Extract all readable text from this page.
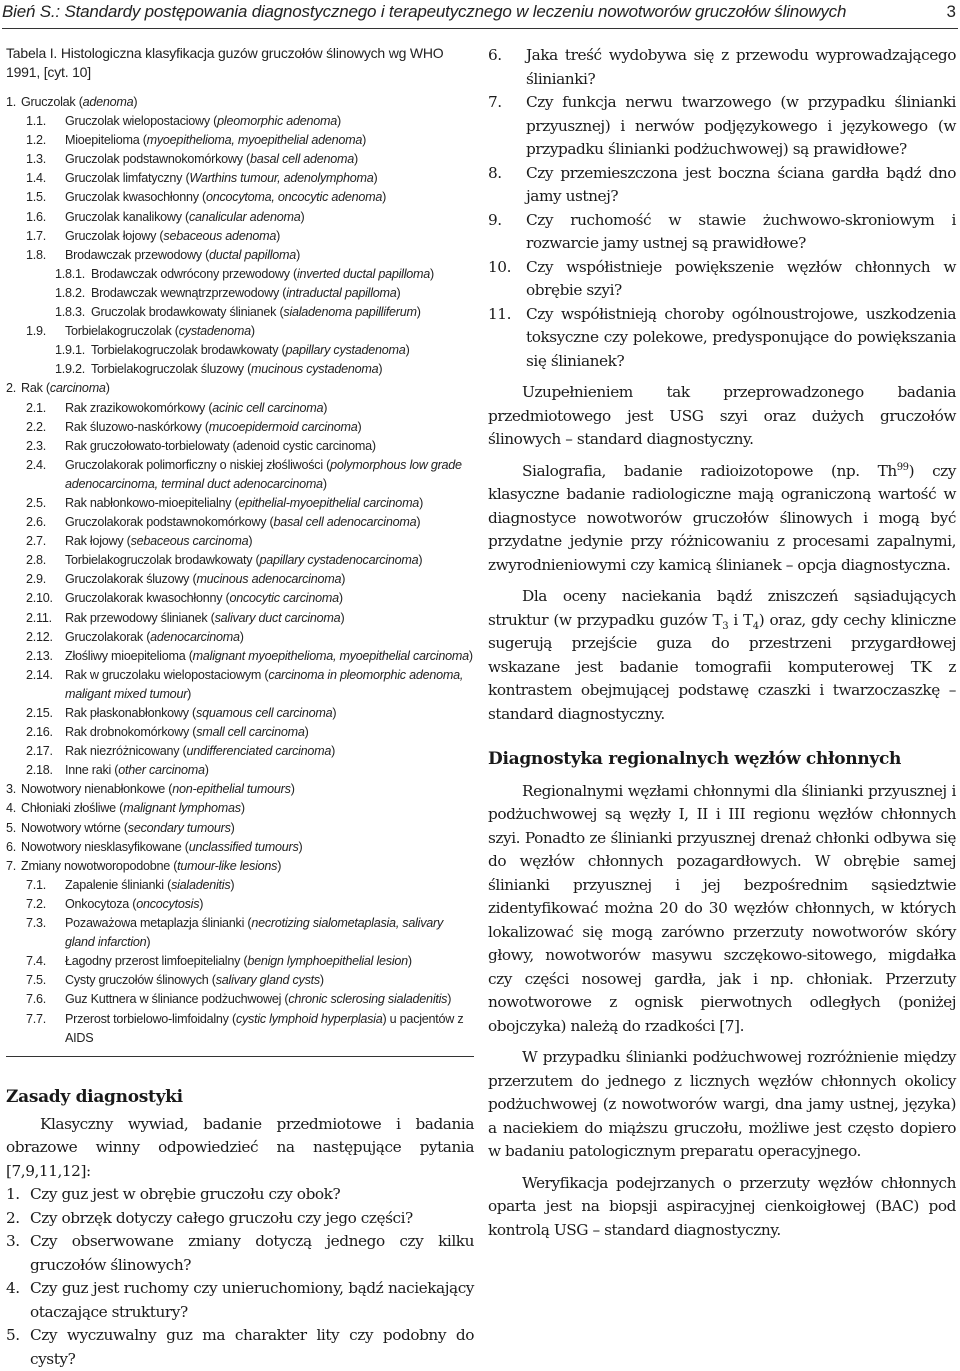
Bień S.: Standardy postępowania diagnostycznego i terapeutycznego w leczeniu nowotworów gruczołów ślinowych	3
Tabela I. Histologiczna klasyfikacja guzów gruczołów ślinowych wg WHO 1991, [cyt. 10]
1. Gruczolak (adenoma)
1.1.	Gruczolak wielopostaciowy (pleomorphic adenoma)
1.2.	Mioepitelioma (myoepithelioma, myoepithelial adenoma)
1.3.	Gruczolak podstawnokomórkowy (basal cell adenoma)
1.4.	Gruczolak limfatyczny (Warthins tumour, adenolymphoma)
1.5.	Gruczolak kwasochłonny (oncocytoma, oncocytic adenoma)
1.6.	Gruczolak kanalikowy (canalicular adenoma)
1.7.	Gruczolak łojowy (sebaceous adenoma)
1.8.	Brodawczak przewodowy (ductal papilloma)
1.8.1. Brodawczak odwrócony przewodowy (inverted ductal papilloma)
1.8.2. Brodawczak wewnątrzprzewodowy (intraductal papilloma)
1.8.3. Gruczolak brodawkowaty ślinianek (sialadenoma papilliferum)
1.9.	Torbielakogruczolak (cystadenoma)
1.9.1. Torbielakogruczolak brodawkowaty (papillary cystadenoma)
1.9.2. Torbielakogruczolak śluzowy (mucinous cystadenoma)
2. Rak (carcinoma)
2.1.	Rak zrazikowokomórkowy (acinic cell carcinoma)
2.2.	Rak śluzowo-naskórkowy (mucoepidermoid carcinoma)
2.3.	Rak gruczołowato-torbielowaty (adenoid cystic carcinoma)
2.4.	Gruczolakorak polimorficzny o niskiej złośliwości (polymorphous low grade adenocarcinoma, terminal duct adenocarcinoma)
2.5.	Rak nabłonkowo-mioepitelialny (epithelial-myoepithelial carcinoma)
2.6.	Gruczolakorak podstawnokomórkowy (basal cell adenocarcinoma)
2.7.	Rak łojowy (sebaceous carcinoma)
2.8.	Torbielakogruczolak brodawkowaty (papillary cystadenocarcinoma)
2.9.	Gruczolakorak śluzowy (mucinous adenocarcinoma)
2.10. Gruczolakorak kwasochłonny (oncocytic carcinoma)
2.11.	Rak przewodowy ślinianek (salivary duct carcinoma)
2.12. Gruczolakorak (adenocarcinoma)
2.13. Złośliwy mioepitelioma (malignant myoepithelioma, myoepithelial carcinoma)
2.14. Rak w gruczolaku wielopostaciowym (carcinoma in pleomorphic adenoma, maligant mixed tumour)
2.15. Rak płaskonabłonkowy (squamous cell carcinoma)
2.16. Rak drobnokomórkowy (small cell carcinoma)
2.17. Rak niezróżnicowany (undifferenciated carcinoma)
2.18. Inne raki (other carcinoma)
3. Nowotwory nienabłonkowe (non-epithelial tumours)
4. Chłoniaki złośliwe (malignant lymphomas)
5. Nowotwory wtórne (secondary tumours)
6. Nowotwory niesklasyfikowane (unclassified tumours)
7. Zmiany nowotworopodobne (tumour-like lesions)
7.1.	Zapalenie ślinianki (sialadenitis)
7.2.	Onkocytoza (oncocytosis)
7.3.	Pozaważowa metaplazja ślinianki (necrotizing sialometaplasia, salivary gland infarction)
7.4.	Łagodny przerost limfoepitelialny (benign lymphoepithelial lesion)
7.5.	Cysty gruczołów ślinowych (salivary gland cysts)
7.6.	Guz Kuttnera w śliniance podżuchwowej (chronic sclerosing sialadenitis)
7.7.	Przerost torbielowo-limfoidalny (cystic lymphoid hyperplasia) u pacjentów z AIDS
Zasady diagnostyki

Klasyczny wywiad, badanie przedmiotowe i badania obrazowe winny odpowiedzieć na następujące pytania [7,9,11,12]:

1. Czy guz jest w obrębie gruczołu czy obok?
2. Czy obrzęk dotyczy całego gruczołu czy jego części?
3. Czy obserwowane zmiany dotyczą jednego czy kilku gruczołów ślinowych?
4. Czy guz jest ruchomy czy unieruchomiony, bądź naciekający otaczające struktury?
5. Czy wyczuwalny guz ma charakter lity czy podobny do cysty?
6.	Jaka treść wydobywa się z przewodu wyprowadzającego ślinianki?
7.	Czy funkcja nerwu twarzowego (w przypadku ślinianki przyusznej) i nerwów podjęzykowego i językowego (w przypadku ślinianki podżuchwowej) są prawidłowe?
8.	Czy przemieszczona jest boczna ściana gardła bądź dno jamy ustnej?
9.	Czy ruchomość w stawie żuchwowo-skroniowym i rozwarcie jamy ustnej są prawidłowe?
10. Czy współistnieje powiększenie węzłów chłonnych w obrębie szyi?
11. Czy współistnieją choroby ogólnoustrojowe, uszkodzenia toksyczne czy polekowe, predysponujące do powiększania się ślinianek?

Uzupełnieniem tak przeprowadzonego badania przedmiotowego jest USG szyi oraz dużych gruczołów ślinowych – standard diagnostyczny.

Sialografia, badanie radioizotopowe (np. Th$^{99}$) czy klasyczne badanie radiologiczne mają ograniczoną wartość w diagnostyce nowotworów gruczołów ślinowych i mogą być przydatne jedynie przy różnicowaniu z procesami zapalnymi, zwyrodnieniowymi czy kamicą ślinianek – opcja diagnostyczna.

Dla oceny naciekania bądź zniszczeń sąsiadujących struktur (w przypadku guzów $T_3$ i $T_4$) oraz, gdy cechy kliniczne sugerują przejście guza do przestrzeni przygardłowej wskazane jest badanie tomografii komputerowej TK z kontrastem obejmującej podstawę czaszki i twarzoczaszkę – standard diagnostyczny.

Diagnostyka regionalnych węzłów chłonnych

Regionalnymi węzłami chłonnymi dla ślinianki przyusznej i podżuchwowej są węzły I, II i III regionu węzłów chłonnych szyi. Ponadto ze ślinianki przyusznej drenaż chłonki odbywa się do węzłów chłonnych pozagardłowych. W obrębie samej ślinianki przyusznej i jej bezpośrednim sąsiedztwie zidentyfikować można 20 do 30 węzłów chłonnych, w których lokalizować się mogą zarówno przerzuty nowotworów skóry głowy, nowotworów masywu szczękowo-sitowego, migdałka czy części nosowej gardła, jak i np. chłoniak. Przerzuty nowotworowe z ognisk pierwotnych odległych (poniżej obojczyka) należą do rzadkości [7].

W przypadku ślinianki podżuchwowej rozróżnienie między przerzutem do jednego z licznych węzłów chłonnych okolicy podżuchwowej (z nowotworów wargi, dna jamy ustnej, języka) a naciekiem do miąższu gruczołu, możliwe jest często dopiero w badaniu patologicznym preparatu operacyjnego.

Weryfikacja podejrzanych o przerzuty węzłów chłonnych oparta jest na biopsji aspiracyjnej cienkoigłowej (BAC) pod kontrolą USG – standard diagnostyczny.
